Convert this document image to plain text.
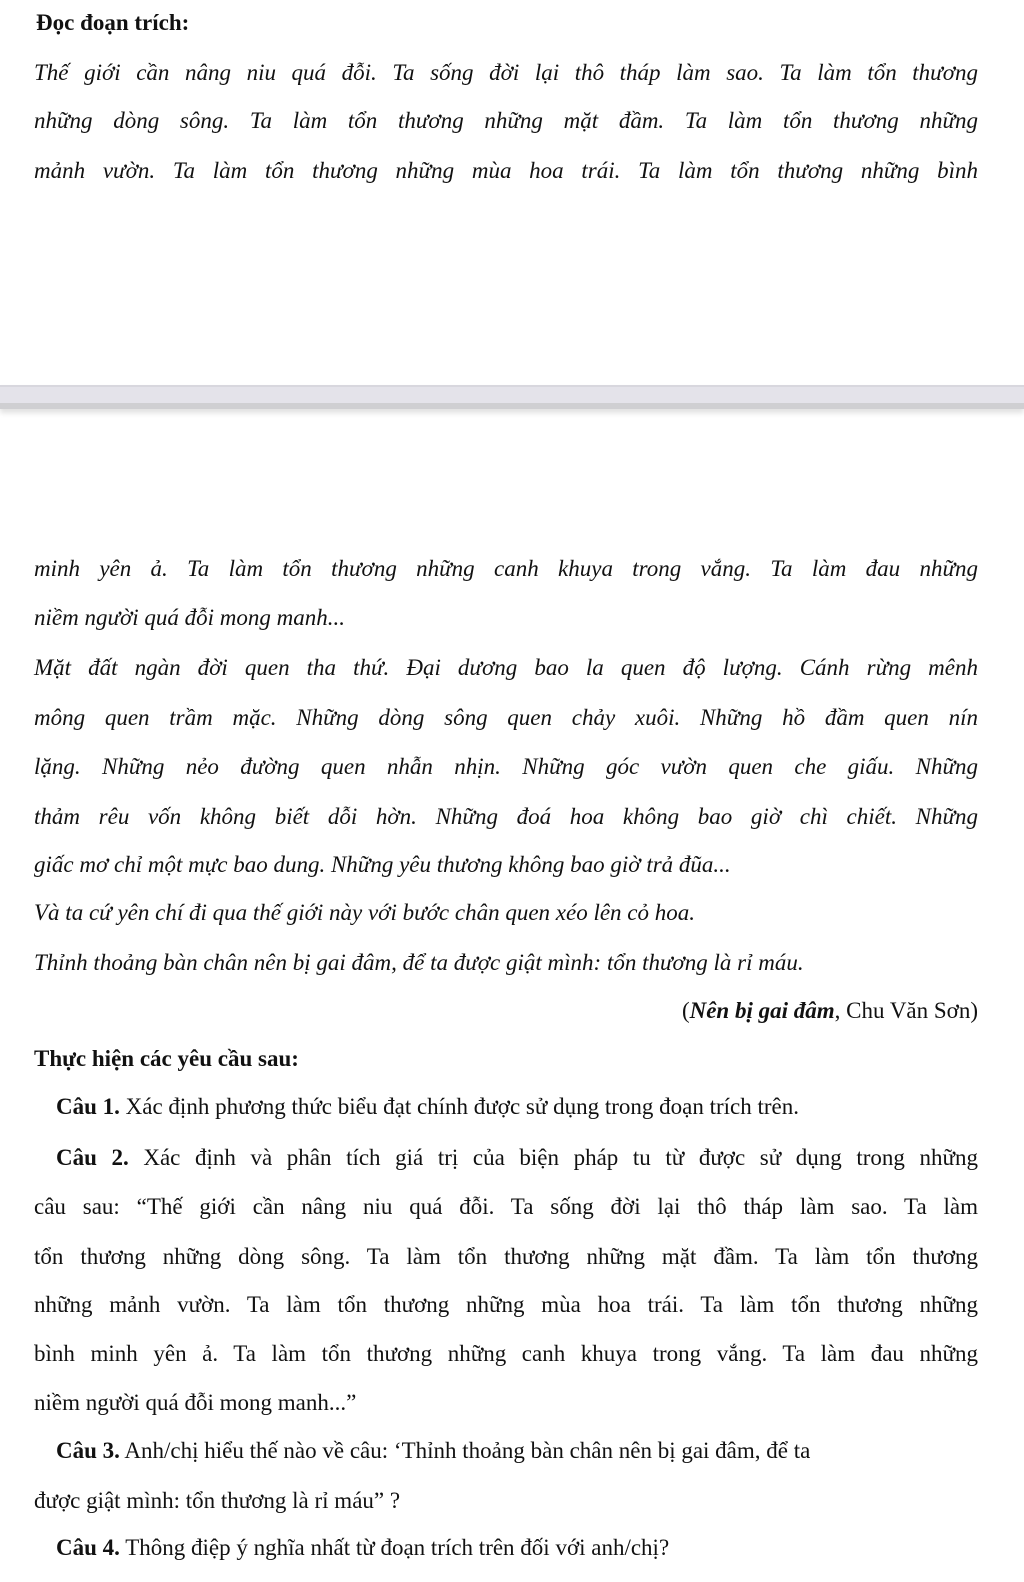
Đọc đoạn trích:
Thế giới cần nâng niu quá đỗi. Ta sống đời lại thô tháp làm sao. Ta làm tổn thương
những dòng sông. Ta làm tổn thương những mặt đầm. Ta làm tổn thương những
mảnh vườn. Ta làm tổn thương những mùa hoa trái. Ta làm tổn thương những bình
minh yên ả. Ta làm tổn thương những canh khuya trong vắng. Ta làm đau những
niềm người quá đỗi mong manh...
Mặt đất ngàn đời quen tha thứ. Đại dương bao la quen độ lượng. Cánh rừng mênh
mông quen trầm mặc. Những dòng sông quen chảy xuôi. Những hồ đầm quen nín
lặng. Những nẻo đường quen nhẫn nhịn. Những góc vườn quen che giấu. Những
thảm rêu vốn không biết dỗi hờn. Những đoá hoa không bao giờ chì chiết. Những
giấc mơ chỉ một mực bao dung. Những yêu thương không bao giờ trả đũa...
Và ta cứ yên chí đi qua thế giới này với bước chân quen xéo lên cỏ hoa.
Thỉnh thoảng bàn chân nên bị gai đâm, để ta được giật mình: tổn thương là rỉ máu.
(Nên bị gai đâm, Chu Văn Sơn)
Thực hiện các yêu cầu sau:
Câu 1. Xác định phương thức biểu đạt chính được sử dụng trong đoạn trích trên.
Câu 2. Xác định và phân tích giá trị của biện pháp tu từ được sử dụng trong những
câu sau: “Thế giới cần nâng niu quá đỗi. Ta sống đời lại thô tháp làm sao. Ta làm
tổn thương những dòng sông. Ta làm tổn thương những mặt đầm. Ta làm tổn thương
những mảnh vườn. Ta làm tổn thương những mùa hoa trái. Ta làm tổn thương những
bình minh yên ả. Ta làm tổn thương những canh khuya trong vắng. Ta làm đau những
niềm người quá đỗi mong manh...”
Câu 3. Anh/chị hiểu thế nào về câu: ‘Thỉnh thoảng bàn chân nên bị gai đâm, để ta
được giật mình: tổn thương là rỉ máu” ?
Câu 4. Thông điệp ý nghĩa nhất từ đoạn trích trên đối với anh/chị?
